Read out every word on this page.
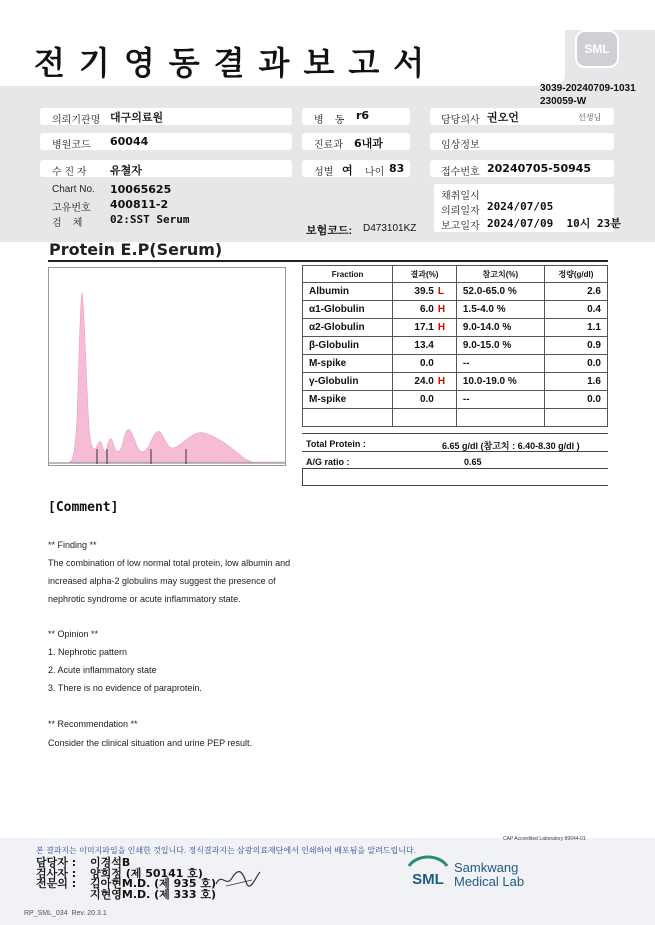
전기영동결과보고서	SML
3039-20240709-1031
230059-W
의뢰기관명 대구의료원
병원코드 60044
수 진 자 유쳘자
Chart No. 10065625
고유번호 400811-2
검    체	02:SST Serum
병    동 r6
진료과 6내과
성별 여 나이 83
보험코드: D473101KZ
담당의사 권오언	선생님
임상정보
접수번호 20240705-50945
채취일시
의뢰일자 2024/07/05
보고일자 2024/07/09  10시 23분
Protein E.P(Serum)
Fraction	결과(%)	참고치(%)	정량(g/dl)
Albumin	39.5 L	52.0-65.0 %	2.6
α1-Globulin	6.0 H	1.5-4.0 %	0.4
α2-Globulin	17.1 H	9.0-14.0 %	1.1
β-Globulin	13.4	9.0-15.0 %	0.9
M-spike	0.0	--	0.0
γ-Globulin	24.0 H	10.0-19.0 %	1.6
M-spike	0.0	--	0.0

Total Protein :	6.65 g/dl (참고치 : 6.40-8.30 g/dl )
A/G ratio :	0.65
[Comment]
** Finding **
The combination of low normal total protein, low albumin and
increased alpha-2 globulins may suggest the presence of
nephrotic syndrome or acute inflammatory state.
** Opinion **
1. Nephrotic pattern
2. Acute inflammatory state
3. There is no evidence of paraprotein.
** Recommendation **
Consider the clinical situation and urine PEP result.
CAP Accredited Laboratory 89944-01
본 결과지는 이미지파일을 인쇄한 것입니다. 정식결과지는 삼광의료재단에서 인쇄하여 배포됨을 알려드립니다.
담당자 : 이경석B
검사자 : 양희정 (제 50141 호)
전문의 : 김아현M.D. (제 935 호)
지현영M.D. (제 333 호)
SML
Samkwang
Medical Lab
RP_SML_034  Rev. 20.3.1
